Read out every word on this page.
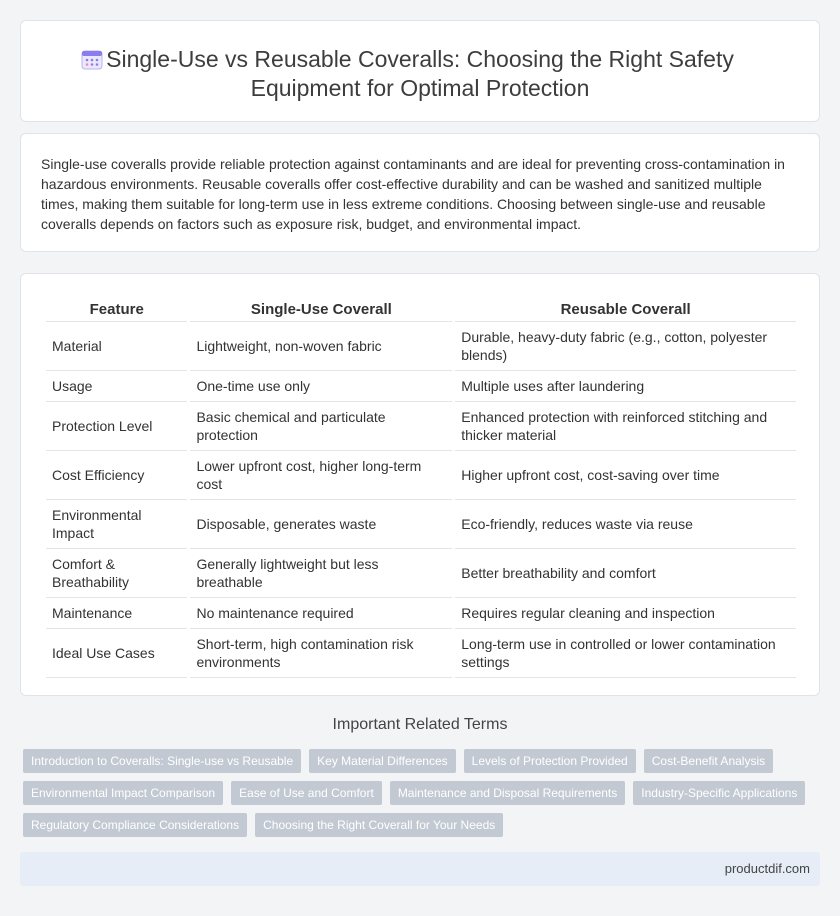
Single-Use vs Reusable Coveralls: Choosing the Right Safety Equipment for Optimal Protection

Single-use coveralls provide reliable protection against contaminants and are ideal for preventing cross-contamination in hazardous environments. Reusable coveralls offer cost-effective durability and can be washed and sanitized multiple times, making them suitable for long-term use in less extreme conditions. Choosing between single-use and reusable coveralls depends on factors such as exposure risk, budget, and environmental impact.

Feature	Single-Use Coverall	Reusable Coverall
Material	Lightweight, non-woven fabric	Durable, heavy-duty fabric (e.g., cotton, polyester blends)
Usage	One-time use only	Multiple uses after laundering
Protection Level	Basic chemical and particulate protection	Enhanced protection with reinforced stitching and thicker material
Cost Efficiency	Lower upfront cost, higher long-term cost	Higher upfront cost, cost-saving over time
Environmental Impact	Disposable, generates waste	Eco-friendly, reduces waste via reuse
Comfort & Breathability	Generally lightweight but less breathable	Better breathability and comfort
Maintenance	No maintenance required	Requires regular cleaning and inspection
Ideal Use Cases	Short-term, high contamination risk environments	Long-term use in controlled or lower contamination settings
Important Related Terms
Introduction to Coveralls: Single-use vs Reusable	Key Material Differences	Levels of Protection Provided	Cost-Benefit Analysis
Environmental Impact Comparison	Ease of Use and Comfort	Maintenance and Disposal Requirements	Industry-Specific Applications
Regulatory Compliance Considerations	Choosing the Right Coverall for Your Needs
productdif.com
